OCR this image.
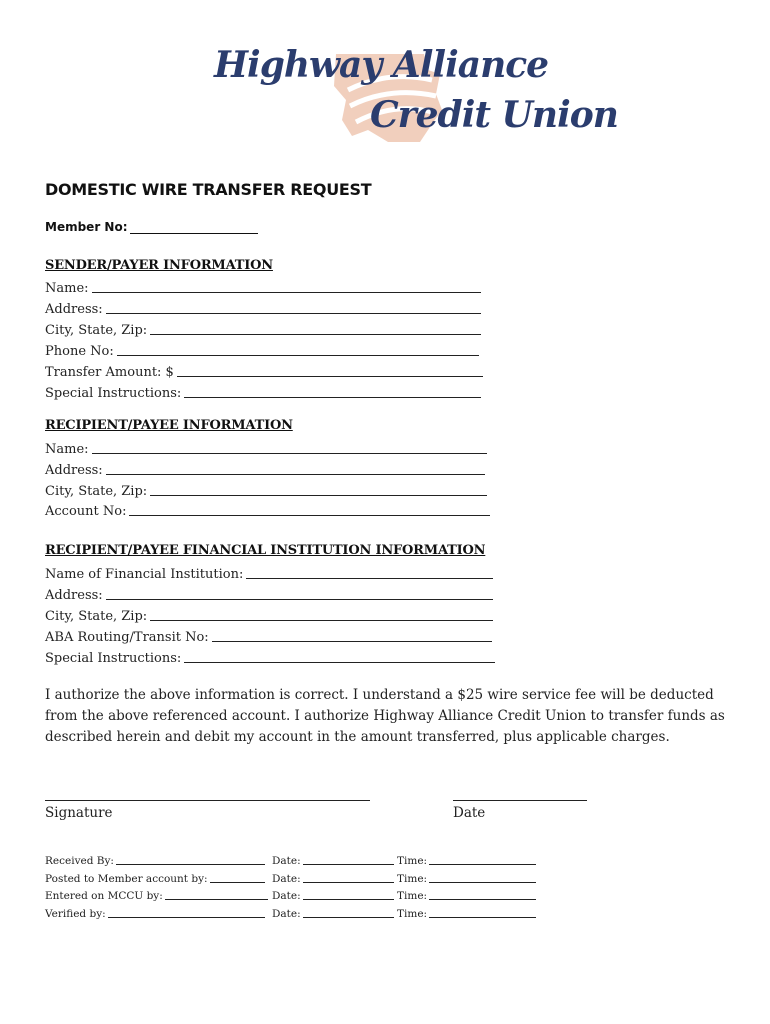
Highway Alliance
Credit Union
DOMESTIC WIRE TRANSFER REQUEST
Member No:
SENDER/PAYER INFORMATION
Name:
Address:
City, State, Zip:
Phone No:
Transfer Amount: $
Special Instructions:
RECIPIENT/PAYEE INFORMATION
Name:
Address:
City, State, Zip:
Account No:
RECIPIENT/PAYEE FINANCIAL INSTITUTION INFORMATION
Name of Financial Institution:
Address:
City, State, Zip:
ABA Routing/Transit No:
Special Instructions:
I authorize the above information is correct. I understand a $25 wire service fee will be deducted from the above referenced account. I authorize Highway Alliance Credit Union to transfer funds as described herein and debit my account in the amount transferred, plus applicable charges.
Signature	Date
Received By:	Date:	Time:
Posted to Member account by:	Date:	Time:
Entered on MCCU by:	Date:	Time:
Verified by:	Date:	Time:
